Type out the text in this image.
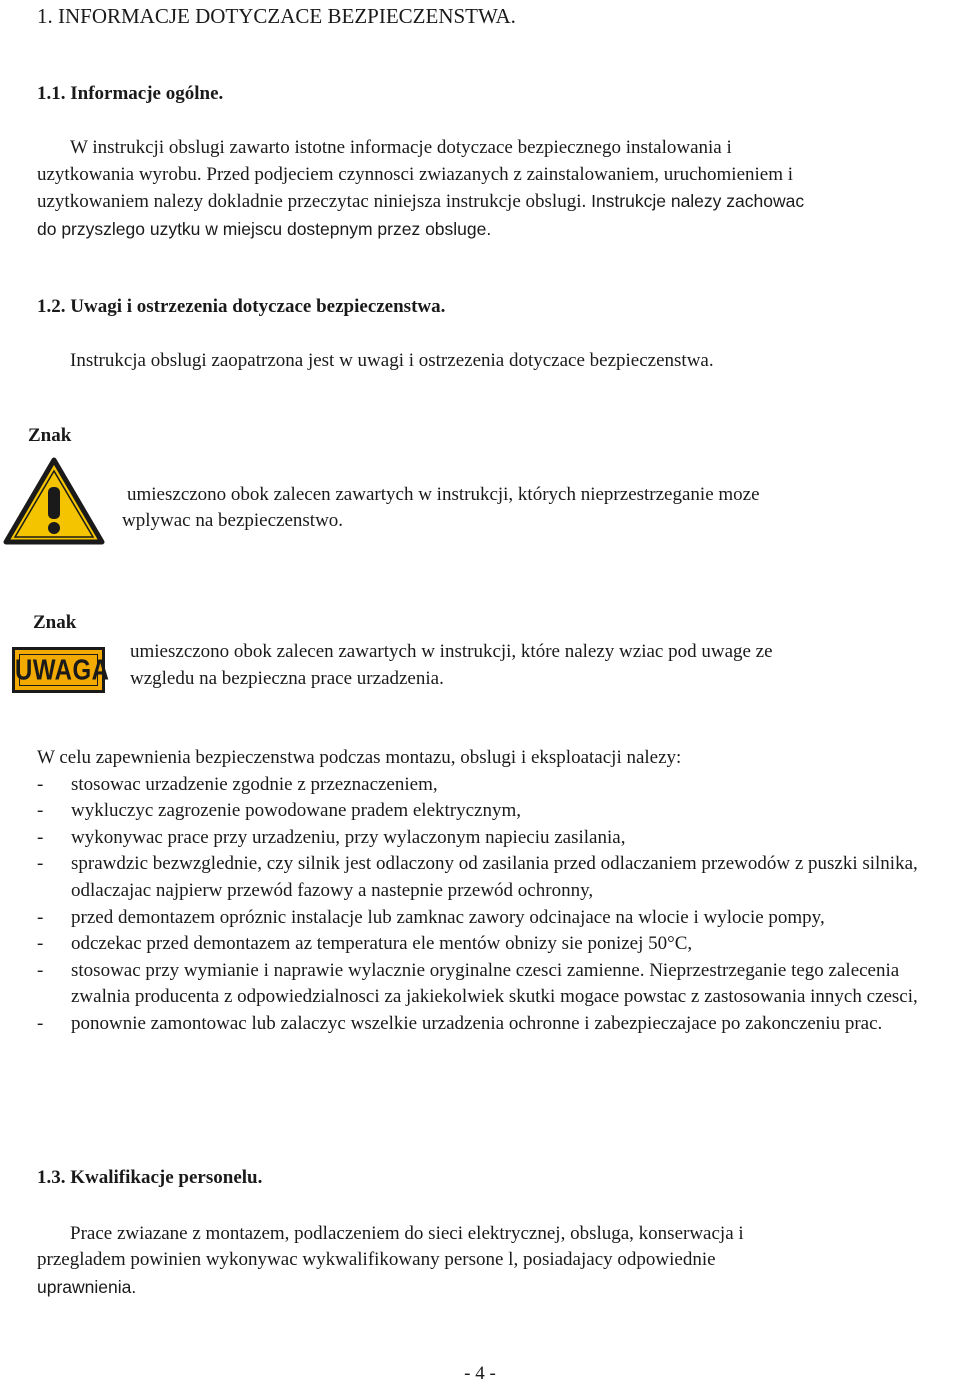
1. INFORMACJE DOTYCZACE BEZPIECZENSTWA.
1.1. Informacje ogólne.
W instrukcji obslugi zawarto istotne informacje dotyczace bezpiecznego instalowania i
uzytkowania wyrobu. Przed podjeciem czynnosci zwiazanych z zainstalowaniem, uruchomieniem i
uzytkowaniem nalezy dokladnie przeczytac niniejsza instrukcje obslugi. Instrukcje nalezy zachowac
do przyszlego uzytku w miejscu dostepnym przez obsluge.
1.2. Uwagi i ostrzezenia dotyczace bezpieczenstwa.
Instrukcja obslugi zaopatrzona jest w uwagi i ostrzezenia dotyczace bezpieczenstwa.
Znak
umieszczono obok zalecen zawartych w instrukcji, których nieprzestrzeganie moze
wplywac na bezpieczenstwo.
Znak
UWAGA
umieszczono obok zalecen zawartych w instrukcji, które nalezy wziac pod uwage ze
wzgledu na bezpieczna prace urzadzenia.

W celu zapewnienia bezpieczenstwa podczas montazu, obslugi i eksploatacji nalezy:

-	stosowac urzadzenie zgodnie z przeznaczeniem,
-	wykluczyc zagrozenie powodowane pradem elektrycznym,
-	wykonywac prace przy urzadzeniu, przy wylaczonym napieciu zasilania,
-	sprawdzic bezwzglednie, czy silnik jest odlaczony od zasilania przed odlaczaniem przewodów z puszki silnika, odlaczajac najpierw przewód fazowy a nastepnie przewód ochronny,
-	przed demontazem opróznic instalacje lub zamknac zawory odcinajace na wlocie i wylocie pompy,
-	odczekac przed demontazem az temperatura ele mentów obnizy sie ponizej 50°C,
-	stosowac przy wymianie i naprawie wylacznie oryginalne czesci zamienne. Nieprzestrzeganie tego zalecenia zwalnia producenta z odpowiedzialnosci za jakiekolwiek skutki mogace powstac z zastosowania innych czesci,
-	ponownie zamontowac lub zalaczyc wszelkie urzadzenia ochronne i zabezpieczajace po zakonczeniu prac.
1.3. Kwalifikacje personelu.
Prace zwiazane z montazem, podlaczeniem do sieci elektrycznej, obsluga, konserwacja i
przegladem powinien wykonywac wykwalifikowany persone l, posiadajacy odpowiednie
uprawnienia.
- 4 -
